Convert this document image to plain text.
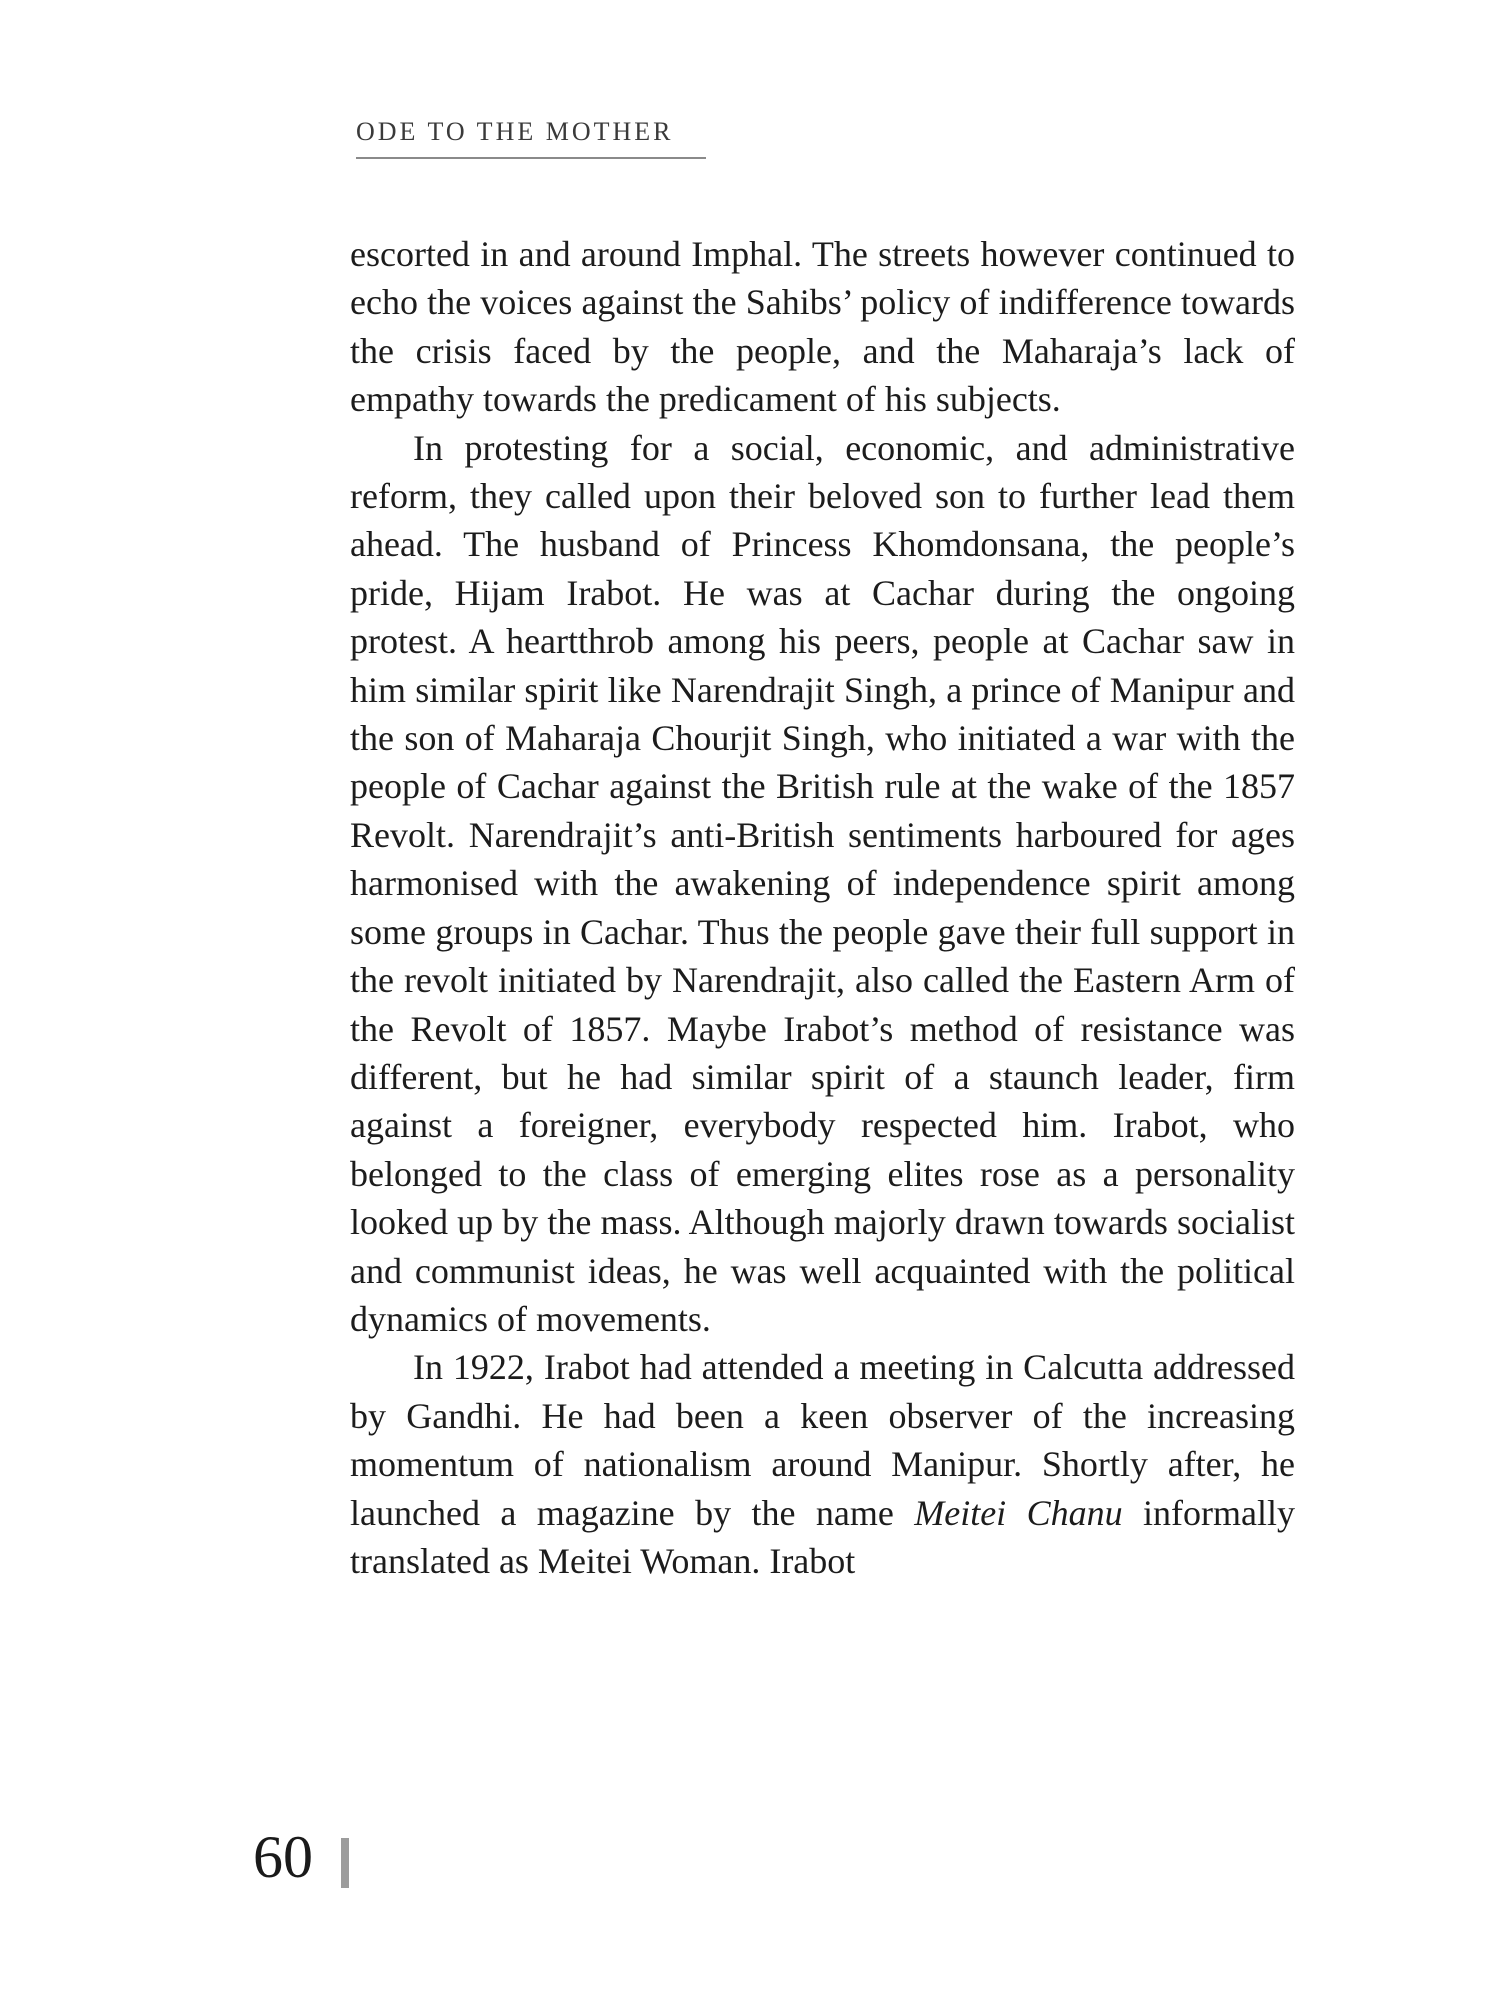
ODE TO THE MOTHER

escorted in and around Imphal. The streets however continued to echo the voices against the Sahibs’ policy of indifference towards the crisis faced by the people, and the Maharaja’s lack of empathy towards the predicament of his subjects.

In protesting for a social, economic, and administrative reform, they called upon their beloved son to further lead them ahead. The husband of Princess Khomdonsana, the people’s pride, Hijam Irabot. He was at Cachar during the ongoing protest. A heartthrob among his peers, people at Cachar saw in him similar spirit like Narendrajit Singh, a prince of Manipur and the son of Maharaja Chourjit Singh, who initiated a war with the people of Cachar against the British rule at the wake of the 1857 Revolt. Narendrajit’s anti-British sentiments harboured for ages harmonised with the awakening of independence spirit among some groups in Cachar. Thus the people gave their full support in the revolt initiated by Narendrajit, also called the Eastern Arm of the Revolt of 1857. Maybe Irabot’s method of resistance was different, but he had similar spirit of a staunch leader, firm against a foreigner, everybody respected him. Irabot, who belonged to the class of emerging elites rose as a personality looked up by the mass. Although majorly drawn towards socialist and communist ideas, he was well acquainted with the political dynamics of movements.

In 1922, Irabot had attended a meeting in Calcutta addressed by Gandhi. He had been a keen observer of the increasing momentum of nationalism around Manipur. Shortly after, he launched a magazine by the name Meitei Chanu informally translated as Meitei Woman. Irabot

60
